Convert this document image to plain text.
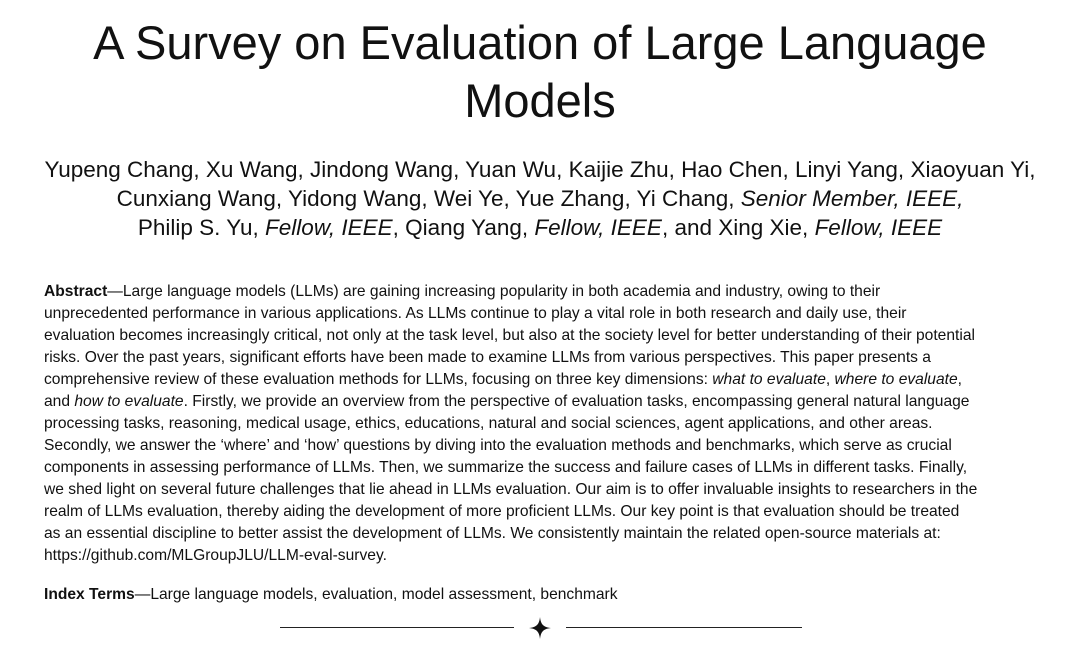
A Survey on Evaluation of Large Language
Models
Yupeng Chang, Xu Wang, Jindong Wang, Yuan Wu, Kaijie Zhu, Hao Chen, Linyi Yang, Xiaoyuan Yi,
Cunxiang Wang, Yidong Wang, Wei Ye, Yue Zhang, Yi Chang, Senior Member, IEEE,
Philip S. Yu, Fellow, IEEE, Qiang Yang, Fellow, IEEE, and Xing Xie, Fellow, IEEE
Abstract—Large language models (LLMs) are gaining increasing popularity in both academia and industry, owing to their
unprecedented performance in various applications. As LLMs continue to play a vital role in both research and daily use, their
evaluation becomes increasingly critical, not only at the task level, but also at the society level for better understanding of their potential
risks. Over the past years, significant efforts have been made to examine LLMs from various perspectives. This paper presents a
comprehensive review of these evaluation methods for LLMs, focusing on three key dimensions: what to evaluate, where to evaluate,
and how to evaluate. Firstly, we provide an overview from the perspective of evaluation tasks, encompassing general natural language
processing tasks, reasoning, medical usage, ethics, educations, natural and social sciences, agent applications, and other areas.
Secondly, we answer the ‘where’ and ‘how’ questions by diving into the evaluation methods and benchmarks, which serve as crucial
components in assessing performance of LLMs. Then, we summarize the success and failure cases of LLMs in different tasks. Finally,
we shed light on several future challenges that lie ahead in LLMs evaluation. Our aim is to offer invaluable insights to researchers in the
realm of LLMs evaluation, thereby aiding the development of more proficient LLMs. Our key point is that evaluation should be treated
as an essential discipline to better assist the development of LLMs. We consistently maintain the related open-source materials at:
https://github.com/MLGroupJLU/LLM-eval-survey.
Index Terms—Large language models, evaluation, model assessment, benchmark
